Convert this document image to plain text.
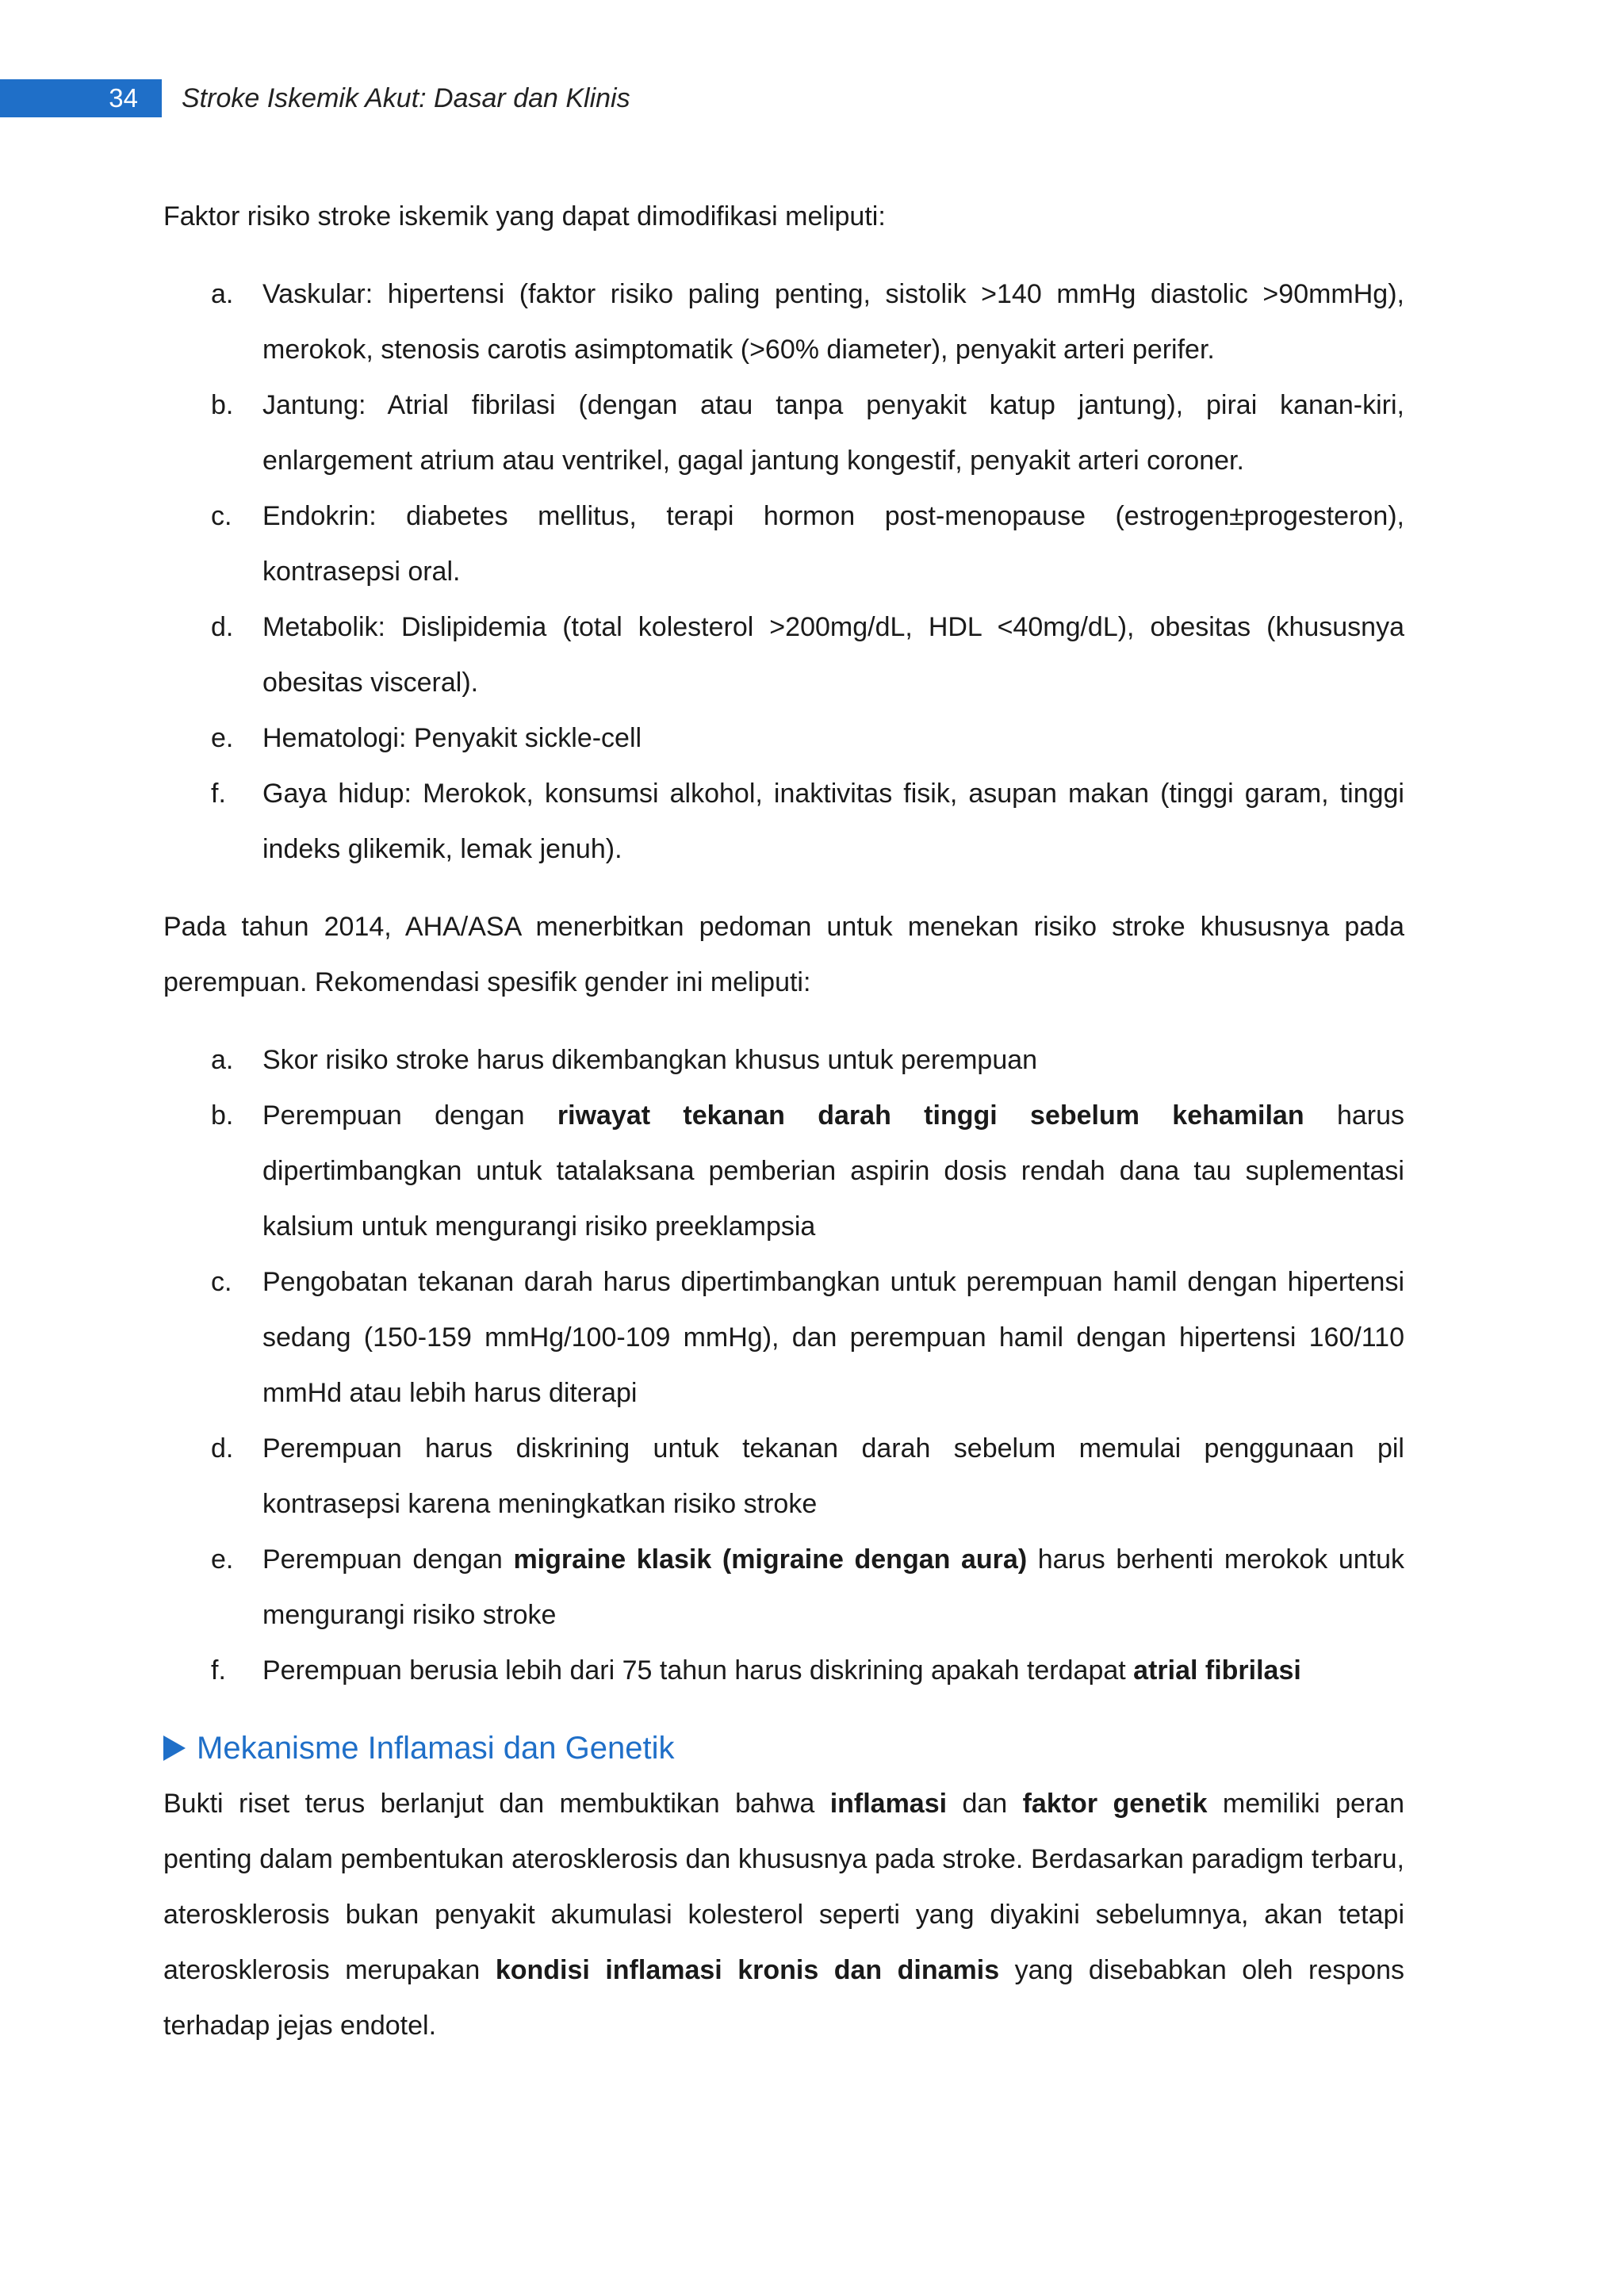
34	Stroke Iskemik Akut: Dasar dan Klinis

Faktor risiko stroke iskemik yang dapat dimodifikasi meliputi:

a. Vaskular: hipertensi (faktor risiko paling penting, sistolik >140 mmHg diastolic >90mmHg), merokok, stenosis carotis asimptomatik (>60% diameter), penyakit arteri perifer.
b. Jantung: Atrial fibrilasi (dengan atau tanpa penyakit katup jantung), pirai kanan-kiri, enlargement atrium atau ventrikel, gagal jantung kongestif, penyakit arteri coroner.
c. Endokrin: diabetes mellitus, terapi hormon post-menopause (estrogen±progesteron), kontrasepsi oral.
d. Metabolik: Dislipidemia (total kolesterol >200mg/dL, HDL <40mg/dL), obesitas (khususnya obesitas visceral).
e. Hematologi: Penyakit sickle-cell
f. Gaya hidup: Merokok, konsumsi alkohol, inaktivitas fisik, asupan makan (tinggi garam, tinggi indeks glikemik, lemak jenuh).

Pada tahun 2014, AHA/ASA menerbitkan pedoman untuk menekan risiko stroke khususnya pada perempuan. Rekomendasi spesifik gender ini meliputi:

a. Skor risiko stroke harus dikembangkan khusus untuk perempuan
b. Perempuan dengan riwayat tekanan darah tinggi sebelum kehamilan harus dipertimbangkan untuk tatalaksana pemberian aspirin dosis rendah dana tau suplementasi kalsium untuk mengurangi risiko preeklampsia
c. Pengobatan tekanan darah harus dipertimbangkan untuk perempuan hamil dengan hipertensi sedang (150-159 mmHg/100-109 mmHg), dan perempuan hamil dengan hipertensi 160/110 mmHd atau lebih harus diterapi
d. Perempuan harus diskrining untuk tekanan darah sebelum memulai penggunaan pil kontrasepsi karena meningkatkan risiko stroke
e. Perempuan dengan migraine klasik (migraine dengan aura) harus berhenti merokok untuk mengurangi risiko stroke
f. Perempuan berusia lebih dari 75 tahun harus diskrining apakah terdapat atrial fibrilasi
Mekanisme Inflamasi dan Genetik

Bukti riset terus berlanjut dan membuktikan bahwa inflamasi dan faktor genetik memiliki peran penting dalam pembentukan aterosklerosis dan khususnya pada stroke. Berdasarkan paradigm terbaru, aterosklerosis bukan penyakit akumulasi kolesterol seperti yang diyakini sebelumnya, akan tetapi aterosklerosis merupakan kondisi inflamasi kronis dan dinamis yang disebabkan oleh respons terhadap jejas endotel.
